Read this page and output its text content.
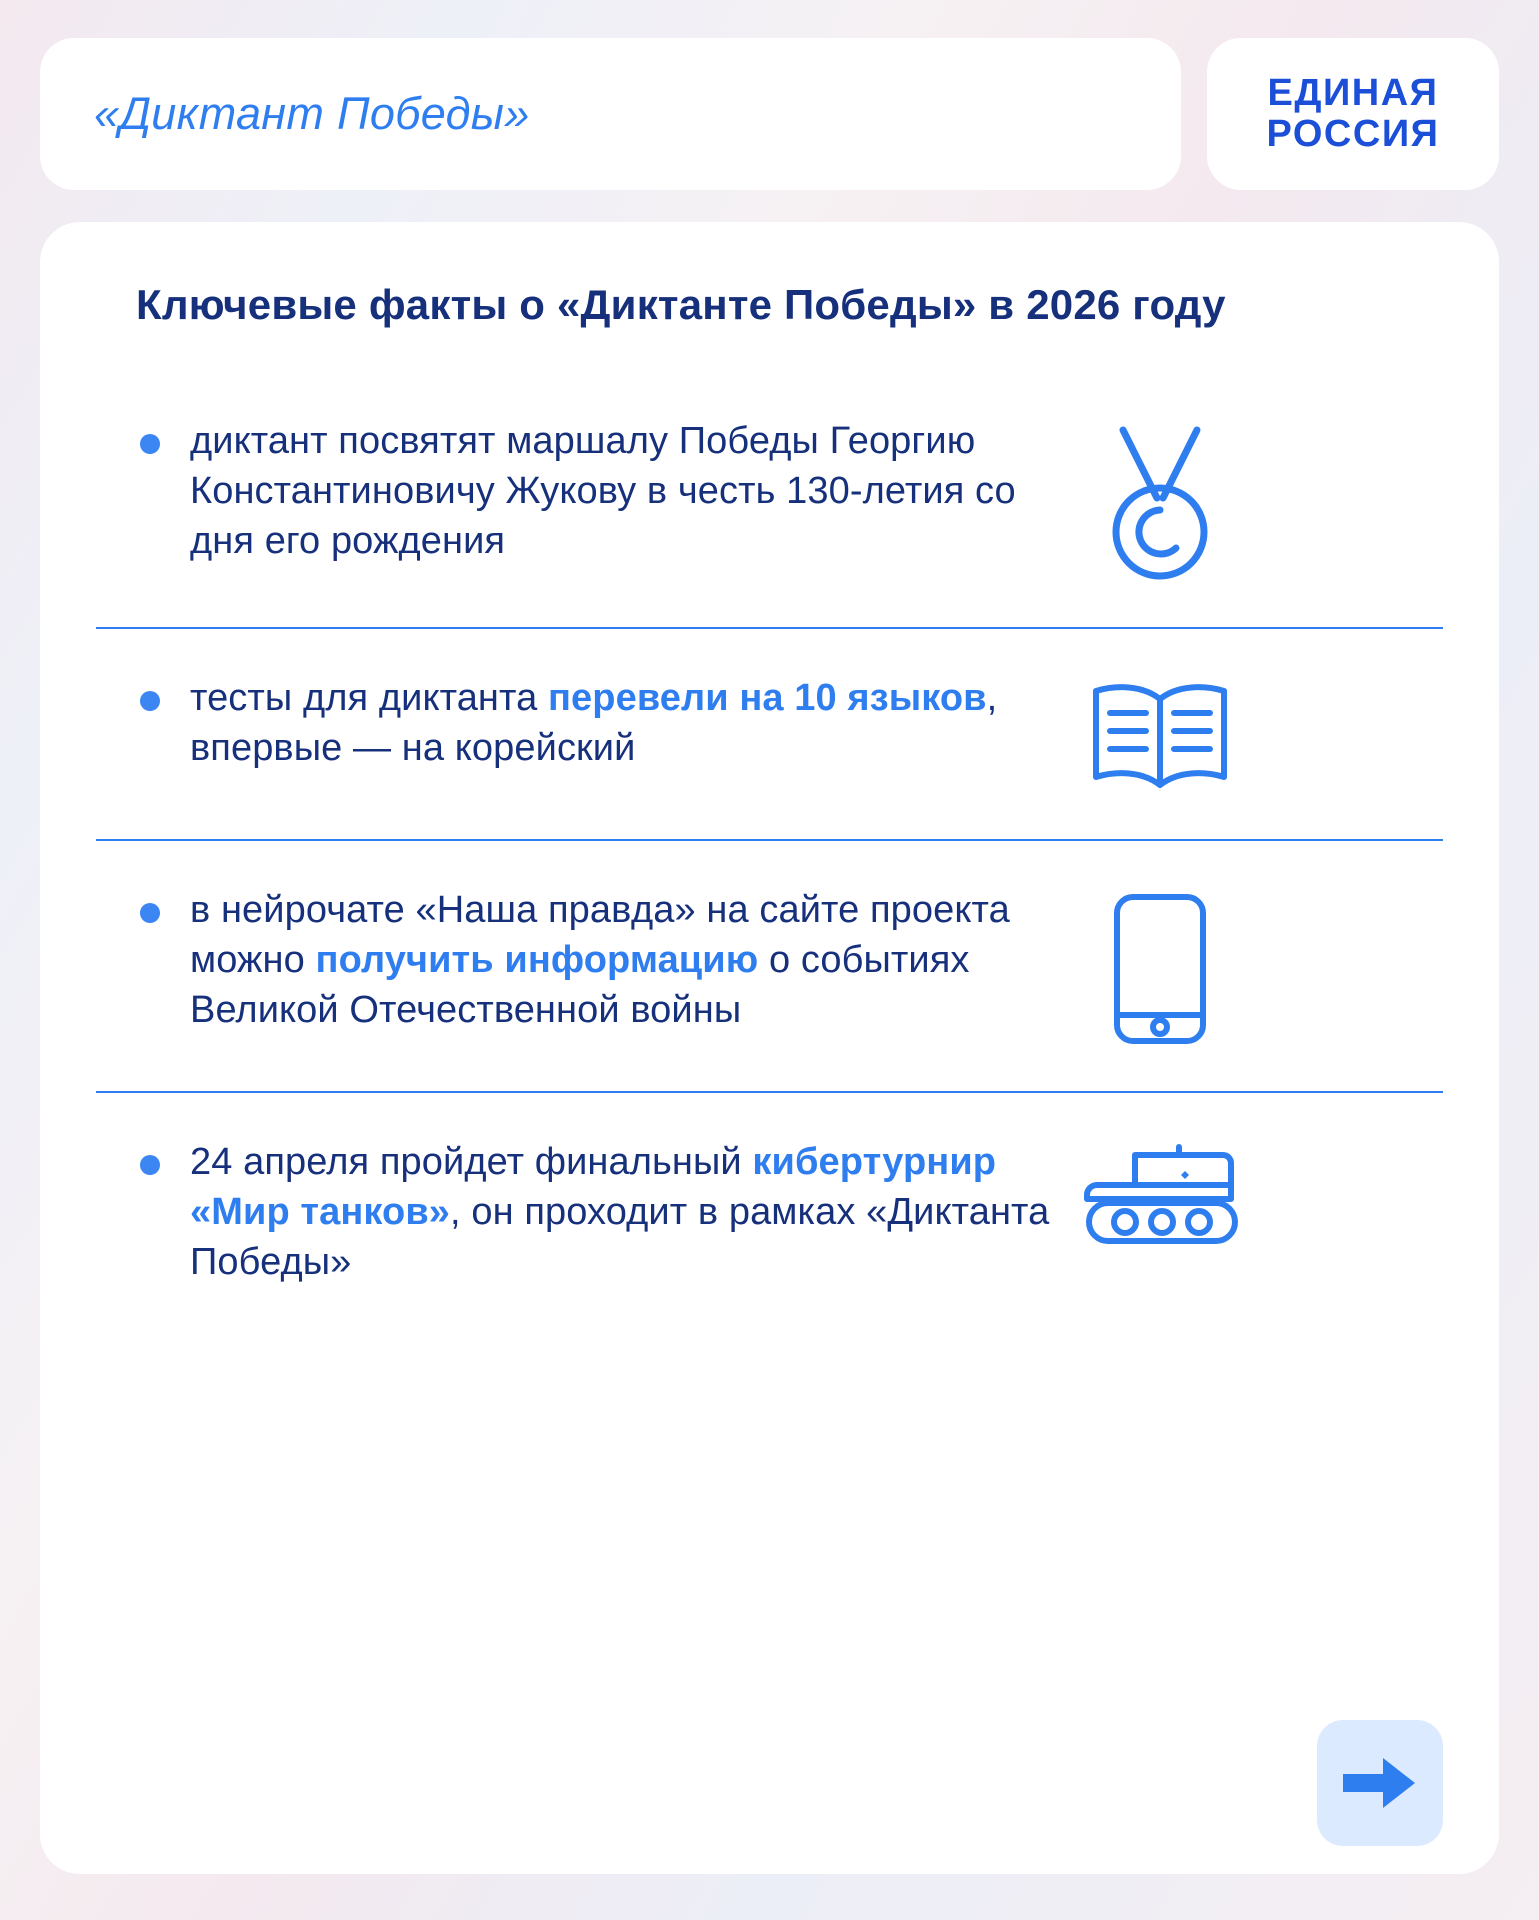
«Диктант Победы»	ЕДИНАЯ
РОССИЯ
Ключевые факты о «Диктанте Победы» в 2026 году
диктант посвятят маршалу Победы Георгию Константиновичу Жукову в честь 130-летия со дня его рождения
тесты для диктанта перевели на 10 языков, впервые — на корейский
в нейрочате «Наша правда» на сайте проекта можно получить информацию о событиях Великой Отечественной войны
24 апреля пройдет финальный кибертурнир «Мир танков», он проходит в рамках «Диктанта Победы»
